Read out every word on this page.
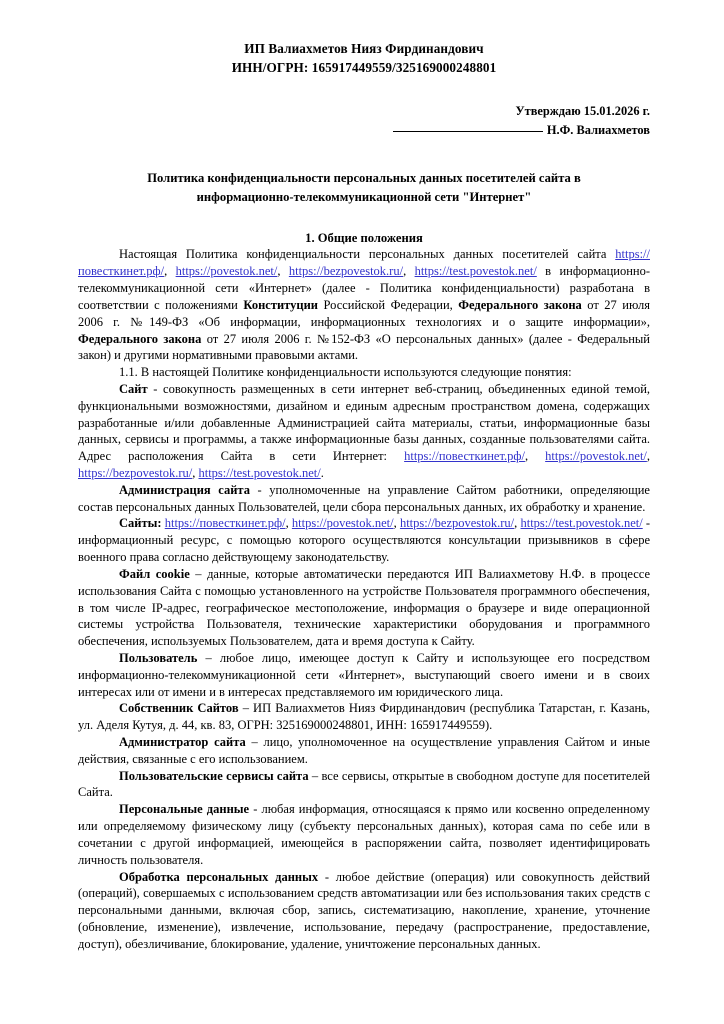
ИП Валиахметов Нияз Фирдинандович
ИНН/ОГРН: 165917449559/325169000248801
Утверждаю 15.01.2026 г.
Н.Ф. Валиахметов
Политика конфиденциальности персональных данных посетителей сайта в информационно-телекоммуникационной сети "Интернет"
1. Общие положения

Настоящая Политика конфиденциальности персональных данных посетителей сайта https://повесткинет.рф/, https://povestok.net/, https://bezpovestok.ru/, https://test.povestok.net/ в информационно-телекоммуникационной сети «Интернет» (далее - Политика конфиденциальности) разработана в соответствии с положениями Конституции Российской Федерации, Федерального закона от 27 июля 2006 г. №149-ФЗ «Об информации, информационных технологиях и о защите информации», Федерального закона от 27 июля 2006 г. №152-ФЗ «О персональных данных» (далее - Федеральный закон) и другими нормативными правовыми актами.

1.1. В настоящей Политике конфиденциальности используются следующие понятия:

Сайт - совокупность размещенных в сети интернет веб-страниц, объединенных единой темой, функциональными возможностями, дизайном и единым адресным пространством домена, содержащих разработанные и/или добавленные Администрацией сайта материалы, статьи, информационные базы данных, сервисы и программы, а также информационные базы данных, созданные пользователями сайта. Адрес расположения Сайта в сети Интернет: https://повесткинет.рф/, https://povestok.net/, https://bezpovestok.ru/, https://test.povestok.net/.

Администрация сайта - уполномоченные на управление Сайтом работники, определяющие состав персональных данных Пользователей, цели сбора персональных данных, их обработку и хранение.

Сайты: https://повесткинет.рф/, https://povestok.net/, https://bezpovestok.ru/, https://test.povestok.net/ - информационный ресурс, с помощью которого осуществляются консультации призывников в сфере военного права согласно действующему законодательству.

Файл cookie – данные, которые автоматически передаются ИП Валиахметову Н.Ф. в процессе использования Сайта с помощью установленного на устройстве Пользователя программного обеспечения, в том числе IP-адрес, географическое местоположение, информация о браузере и виде операционной системы устройства Пользователя, технические характеристики оборудования и программного обеспечения, используемых Пользователем, дата и время доступа к Сайту.

Пользователь – любое лицо, имеющее доступ к Сайту и использующее его посредством информационно-телекоммуникационной сети «Интернет», выступающий своего имени и в своих интересах или от имени и в интересах представляемого им юридического лица.

Собственник Сайтов – ИП Валиахметов Нияз Фирдинандович (республика Татарстан, г. Казань, ул. Аделя Кутуя, д. 44, кв. 83, ОГРН: 325169000248801, ИНН: 165917449559).

Администратор сайта – лицо, уполномоченное на осуществление управления Сайтом и иные действия, связанные с его использованием.

Пользовательские сервисы сайта – все сервисы, открытые в свободном доступе для посетителей Сайта.

Персональные данные - любая информация, относящаяся к прямо или косвенно определенному или определяемому физическому лицу (субъекту персональных данных), которая сама по себе или в сочетании с другой информацией, имеющейся в распоряжении сайта, позволяет идентифицировать личность пользователя.

Обработка персональных данных - любое действие (операция) или совокупность действий (операций), совершаемых с использованием средств автоматизации или без использования таких средств с персональными данными, включая сбор, запись, систематизацию, накопление, хранение, уточнение (обновление, изменение), извлечение, использование, передачу (распространение, предоставление, доступ), обезличивание, блокирование, удаление, уничтожение персональных данных.
